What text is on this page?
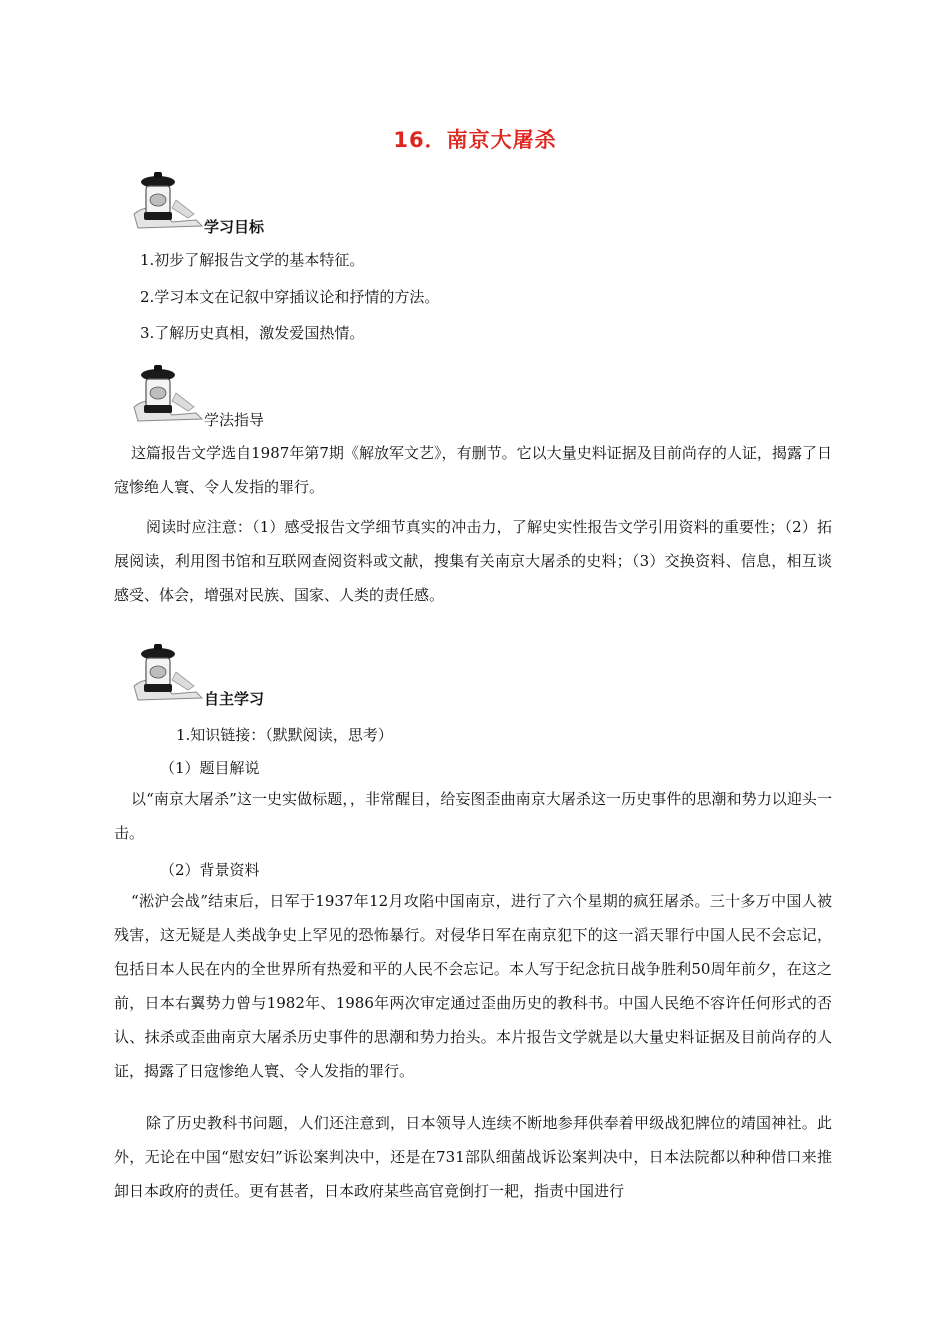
16．南京大屠杀
学习目标
1.初步了解报告文学的基本特征。
2.学习本文在记叙中穿插议论和抒情的方法。
3.了解历史真相，激发爱国热情。
学法指导

这篇报告文学选自1987年第7期《解放军文艺》，有删节。它以大量史料证据及目前尚存的人证，揭露了日寇惨绝人寰、令人发指的罪行。

阅读时应注意：（1）感受报告文学细节真实的冲击力，了解史实性报告文学引用资料的重要性；（2）拓展阅读，利用图书馆和互联网查阅资料或文献，搜集有关南京大屠杀的史料；（3）交换资料、信息，相互谈感受、体会，增强对民族、国家、人类的责任感。

自主学习
1.知识链接：（默默阅读，思考）
（1）题目解说

以“南京大屠杀”这一史实做标题，，非常醒目，给妄图歪曲南京大屠杀这一历史事件的思潮和势力以迎头一击。

（2）背景资料

“淞沪会战”结束后，日军于1937年12月攻陷中国南京，进行了六个星期的疯狂屠杀。三十多万中国人被残害，这无疑是人类战争史上罕见的恐怖暴行。对侵华日军在南京犯下的这一滔天罪行中国人民不会忘记，包括日本人民在内的全世界所有热爱和平的人民不会忘记。本人写于纪念抗日战争胜利50周年前夕，在这之前，日本右翼势力曾与1982年、1986年两次审定通过歪曲历史的教科书。中国人民绝不容许任何形式的否认、抹杀或歪曲南京大屠杀历史事件的思潮和势力抬头。本片报告文学就是以大量史料证据及目前尚存的人证，揭露了日寇惨绝人寰、令人发指的罪行。

除了历史教科书问题，人们还注意到，日本领导人连续不断地参拜供奉着甲级战犯牌位的靖国神社。此外，无论在中国“慰安妇”诉讼案判决中，还是在731部队细菌战诉讼案判决中，日本法院都以种种借口来推卸日本政府的责任。更有甚者，日本政府某些高官竟倒打一耙，指责中国进行
